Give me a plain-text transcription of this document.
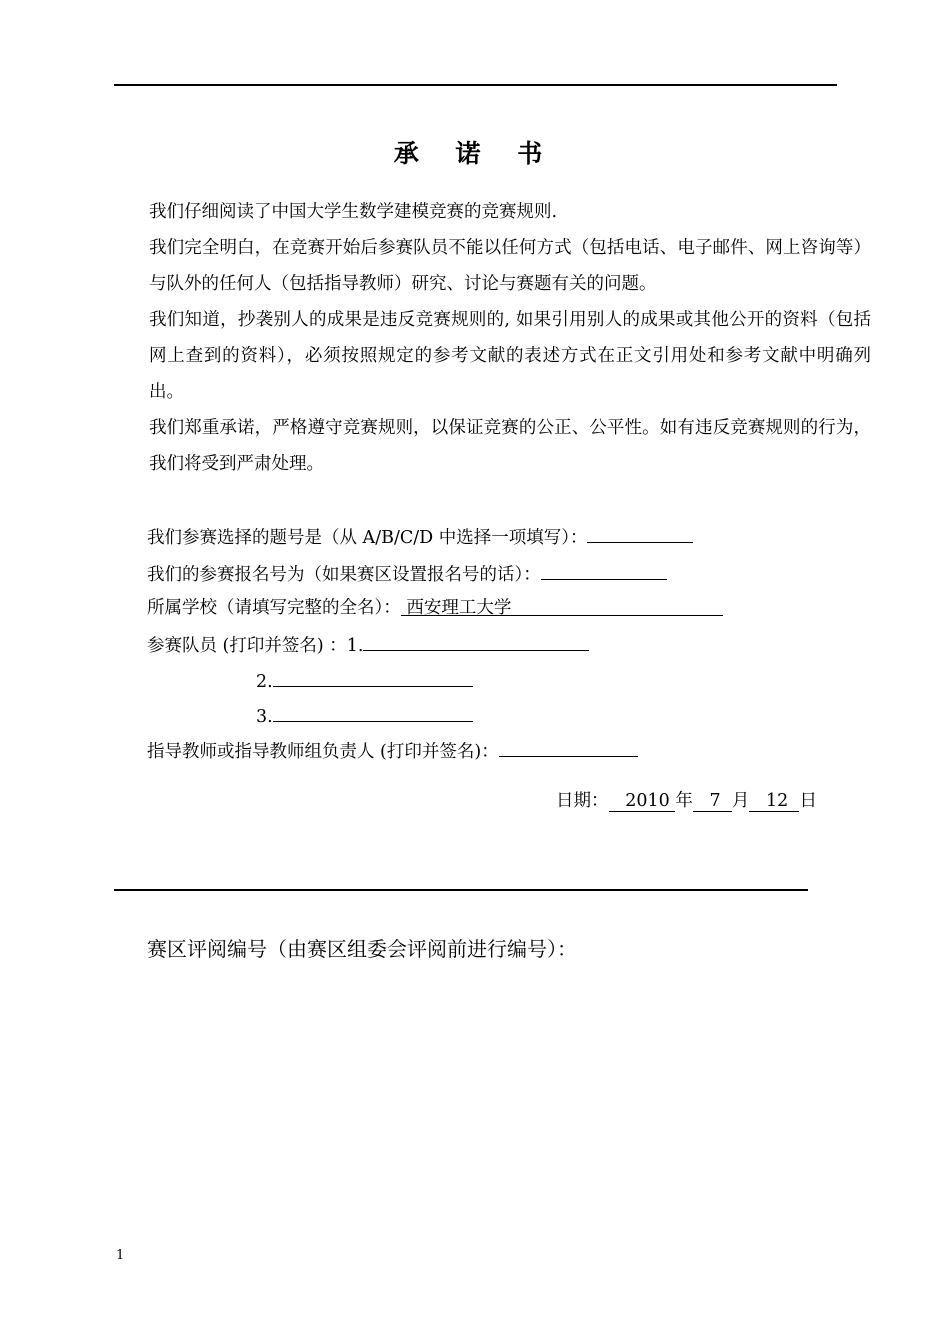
承 诺 书

我们仔细阅读了中国大学生数学建模竞赛的竞赛规则.

我们完全明白，在竞赛开始后参赛队员不能以任何方式（包括电话、电子邮件、网上咨询等）与队外的任何人（包括指导教师）研究、讨论与赛题有关的问题。

我们知道，抄袭别人的成果是违反竞赛规则的, 如果引用别人的成果或其他公开的资料（包括网上查到的资料），必须按照规定的参考文献的表述方式在正文引用处和参考文献中明确列出。

我们郑重承诺，严格遵守竞赛规则，以保证竞赛的公正、公平性。如有违反竞赛规则的行为，我们将受到严肃处理。

我们参赛选择的题号是（从 A/B/C/D 中选择一项填写）：
我们的参赛报名号为（如果赛区设置报名号的话）：
所属学校（请填写完整的全名）： 西安理工大学
参赛队员 (打印并签名) ：1.
2.
3.
指导教师或指导教师组负责人 (打印并签名)：
日期： 2010 年 7 月 12 日
赛区评阅编号（由赛区组委会评阅前进行编号）：
1
